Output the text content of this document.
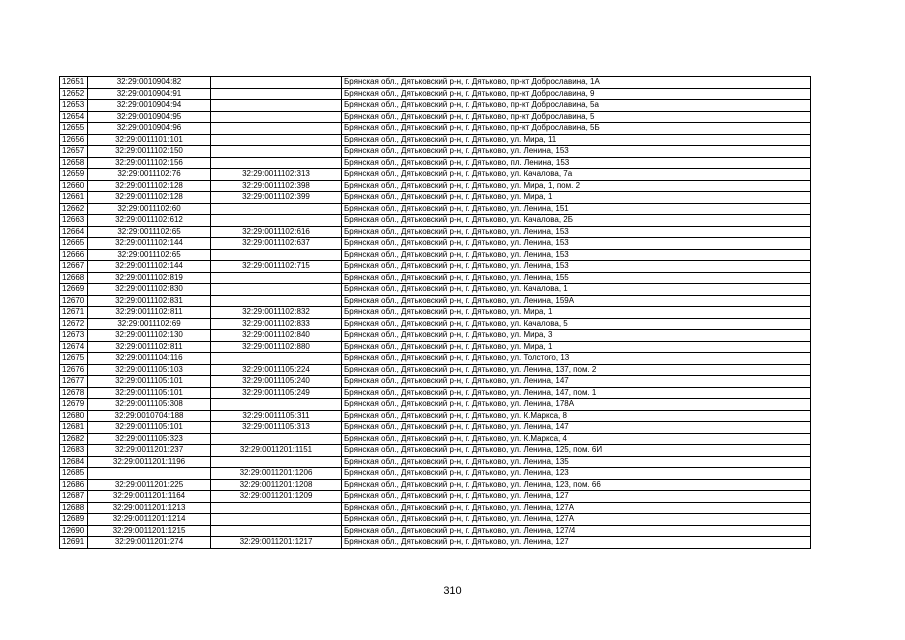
12651	32:29:0010904:82		Брянская обл., Дятьковский р-н, г. Дятьково, пр-кт Доброславина, 1А
12652	32:29:0010904:91		Брянская обл., Дятьковский р-н, г. Дятьково, пр-кт Доброславина, 9
12653	32:29:0010904:94		Брянская обл., Дятьковский р-н, г. Дятьково, пр-кт Доброславина, 5а
12654	32:29:0010904:95		Брянская обл., Дятьковский р-н, г. Дятьково, пр-кт Доброславина, 5
12655	32:29:0010904:96		Брянская обл., Дятьковский р-н, г. Дятьково, пр-кт Доброславина, 5Б
12656	32:29:0011101:101		Брянская обл., Дятьковский р-н, г. Дятьково, ул. Мира, 11
12657	32:29:0011102:150		Брянская обл., Дятьковский р-н, г. Дятьково, ул. Ленина, 153
12658	32:29:0011102:156		Брянская обл., Дятьковский р-н, г. Дятьково, пл. Ленина, 153
12659	32:29:0011102:76	32:29:0011102:313	Брянская обл., Дятьковский р-н, г. Дятьково, ул. Качалова, 7а
12660	32:29:0011102:128	32:29:0011102:398	Брянская обл., Дятьковский р-н, г. Дятьково, ул. Мира, 1, пом. 2
12661	32:29:0011102:128	32:29:0011102:399	Брянская обл., Дятьковский р-н, г. Дятьково, ул. Мира, 1
12662	32:29:0011102:60		Брянская обл., Дятьковский р-н, г. Дятьково, ул. Ленина, 151
12663	32:29:0011102:612		Брянская обл., Дятьковский р-н, г. Дятьково, ул. Качалова, 2Б
12664	32:29:0011102:65	32:29:0011102:616	Брянская обл., Дятьковский р-н, г. Дятьково, ул. Ленина, 153
12665	32:29:0011102:144	32:29:0011102:637	Брянская обл., Дятьковский р-н, г. Дятьково, ул. Ленина, 153
12666	32:29:0011102:65		Брянская обл., Дятьковский р-н, г. Дятьково, ул. Ленина, 153
12667	32:29:0011102:144	32:29:0011102:715	Брянская обл., Дятьковский р-н, г. Дятьково, ул. Ленина, 153
12668	32:29:0011102:819		Брянская обл., Дятьковский р-н, г. Дятьково, ул. Ленина, 155
12669	32:29:0011102:830		Брянская обл., Дятьковский р-н, г. Дятьково, ул. Качалова, 1
12670	32:29:0011102:831		Брянская обл., Дятьковский р-н, г. Дятьково, ул. Ленина, 159А
12671	32:29:0011102:811	32:29:0011102:832	Брянская обл., Дятьковский р-н, г. Дятьково, ул. Мира, 1
12672	32:29:0011102:69	32:29:0011102:833	Брянская обл., Дятьковский р-н, г. Дятьково, ул. Качалова, 5
12673	32:29:0011102:130	32:29:0011102:840	Брянская обл., Дятьковский р-н, г. Дятьково, ул. Мира, 3
12674	32:29:0011102:811	32:29:0011102:880	Брянская обл., Дятьковский р-н, г. Дятьково, ул. Мира, 1
12675	32:29:0011104:116		Брянская обл., Дятьковский р-н, г. Дятьково, ул. Толстого, 13
12676	32:29:0011105:103	32:29:0011105:224	Брянская обл., Дятьковский р-н, г. Дятьково, ул. Ленина, 137, пом. 2
12677	32:29:0011105:101	32:29:0011105:240	Брянская обл., Дятьковский р-н, г. Дятьково, ул. Ленина, 147
12678	32:29:0011105:101	32:29:0011105:249	Брянская обл., Дятьковский р-н, г. Дятьково, ул. Ленина, 147, пом. 1
12679	32:29:0011105:308		Брянская обл., Дятьковский р-н, г. Дятьково, ул. Ленина, 178А
12680	32:29:0010704:188	32:29:0011105:311	Брянская обл., Дятьковский р-н, г. Дятьково, ул. К.Маркса, 8
12681	32:29:0011105:101	32:29:0011105:313	Брянская обл., Дятьковский р-н, г. Дятьково, ул. Ленина, 147
12682	32:29:0011105:323		Брянская обл., Дятьковский р-н, г. Дятьково, ул. К.Маркса, 4
12683	32:29:0011201:237	32:29:0011201:1151	Брянская обл., Дятьковский р-н, г. Дятьково, ул. Ленина, 125, пом. 6И
12684	32:29:0011201:1196		Брянская обл., Дятьковский р-н, г. Дятьково, ул. Ленина, 135
12685		32:29:0011201:1206	Брянская обл., Дятьковский р-н, г. Дятьково, ул. Ленина, 123
12686	32:29:0011201:225	32:29:0011201:1208	Брянская обл., Дятьковский р-н, г. Дятьково, ул. Ленина, 123, пом. 66
12687	32:29:0011201:1164	32:29:0011201:1209	Брянская обл., Дятьковский р-н, г. Дятьково, ул. Ленина, 127
12688	32:29:0011201:1213		Брянская обл., Дятьковский р-н, г. Дятьково, ул. Ленина, 127А
12689	32:29:0011201:1214		Брянская обл., Дятьковский р-н, г. Дятьково, ул. Ленина, 127А
12690	32:29:0011201:1215		Брянская обл., Дятьковский р-н, г. Дятьково, ул. Ленина, 127/4
12691	32:29:0011201:274	32:29:0011201:1217	Брянская обл., Дятьковский р-н, г. Дятьково, ул. Ленина, 127
310
